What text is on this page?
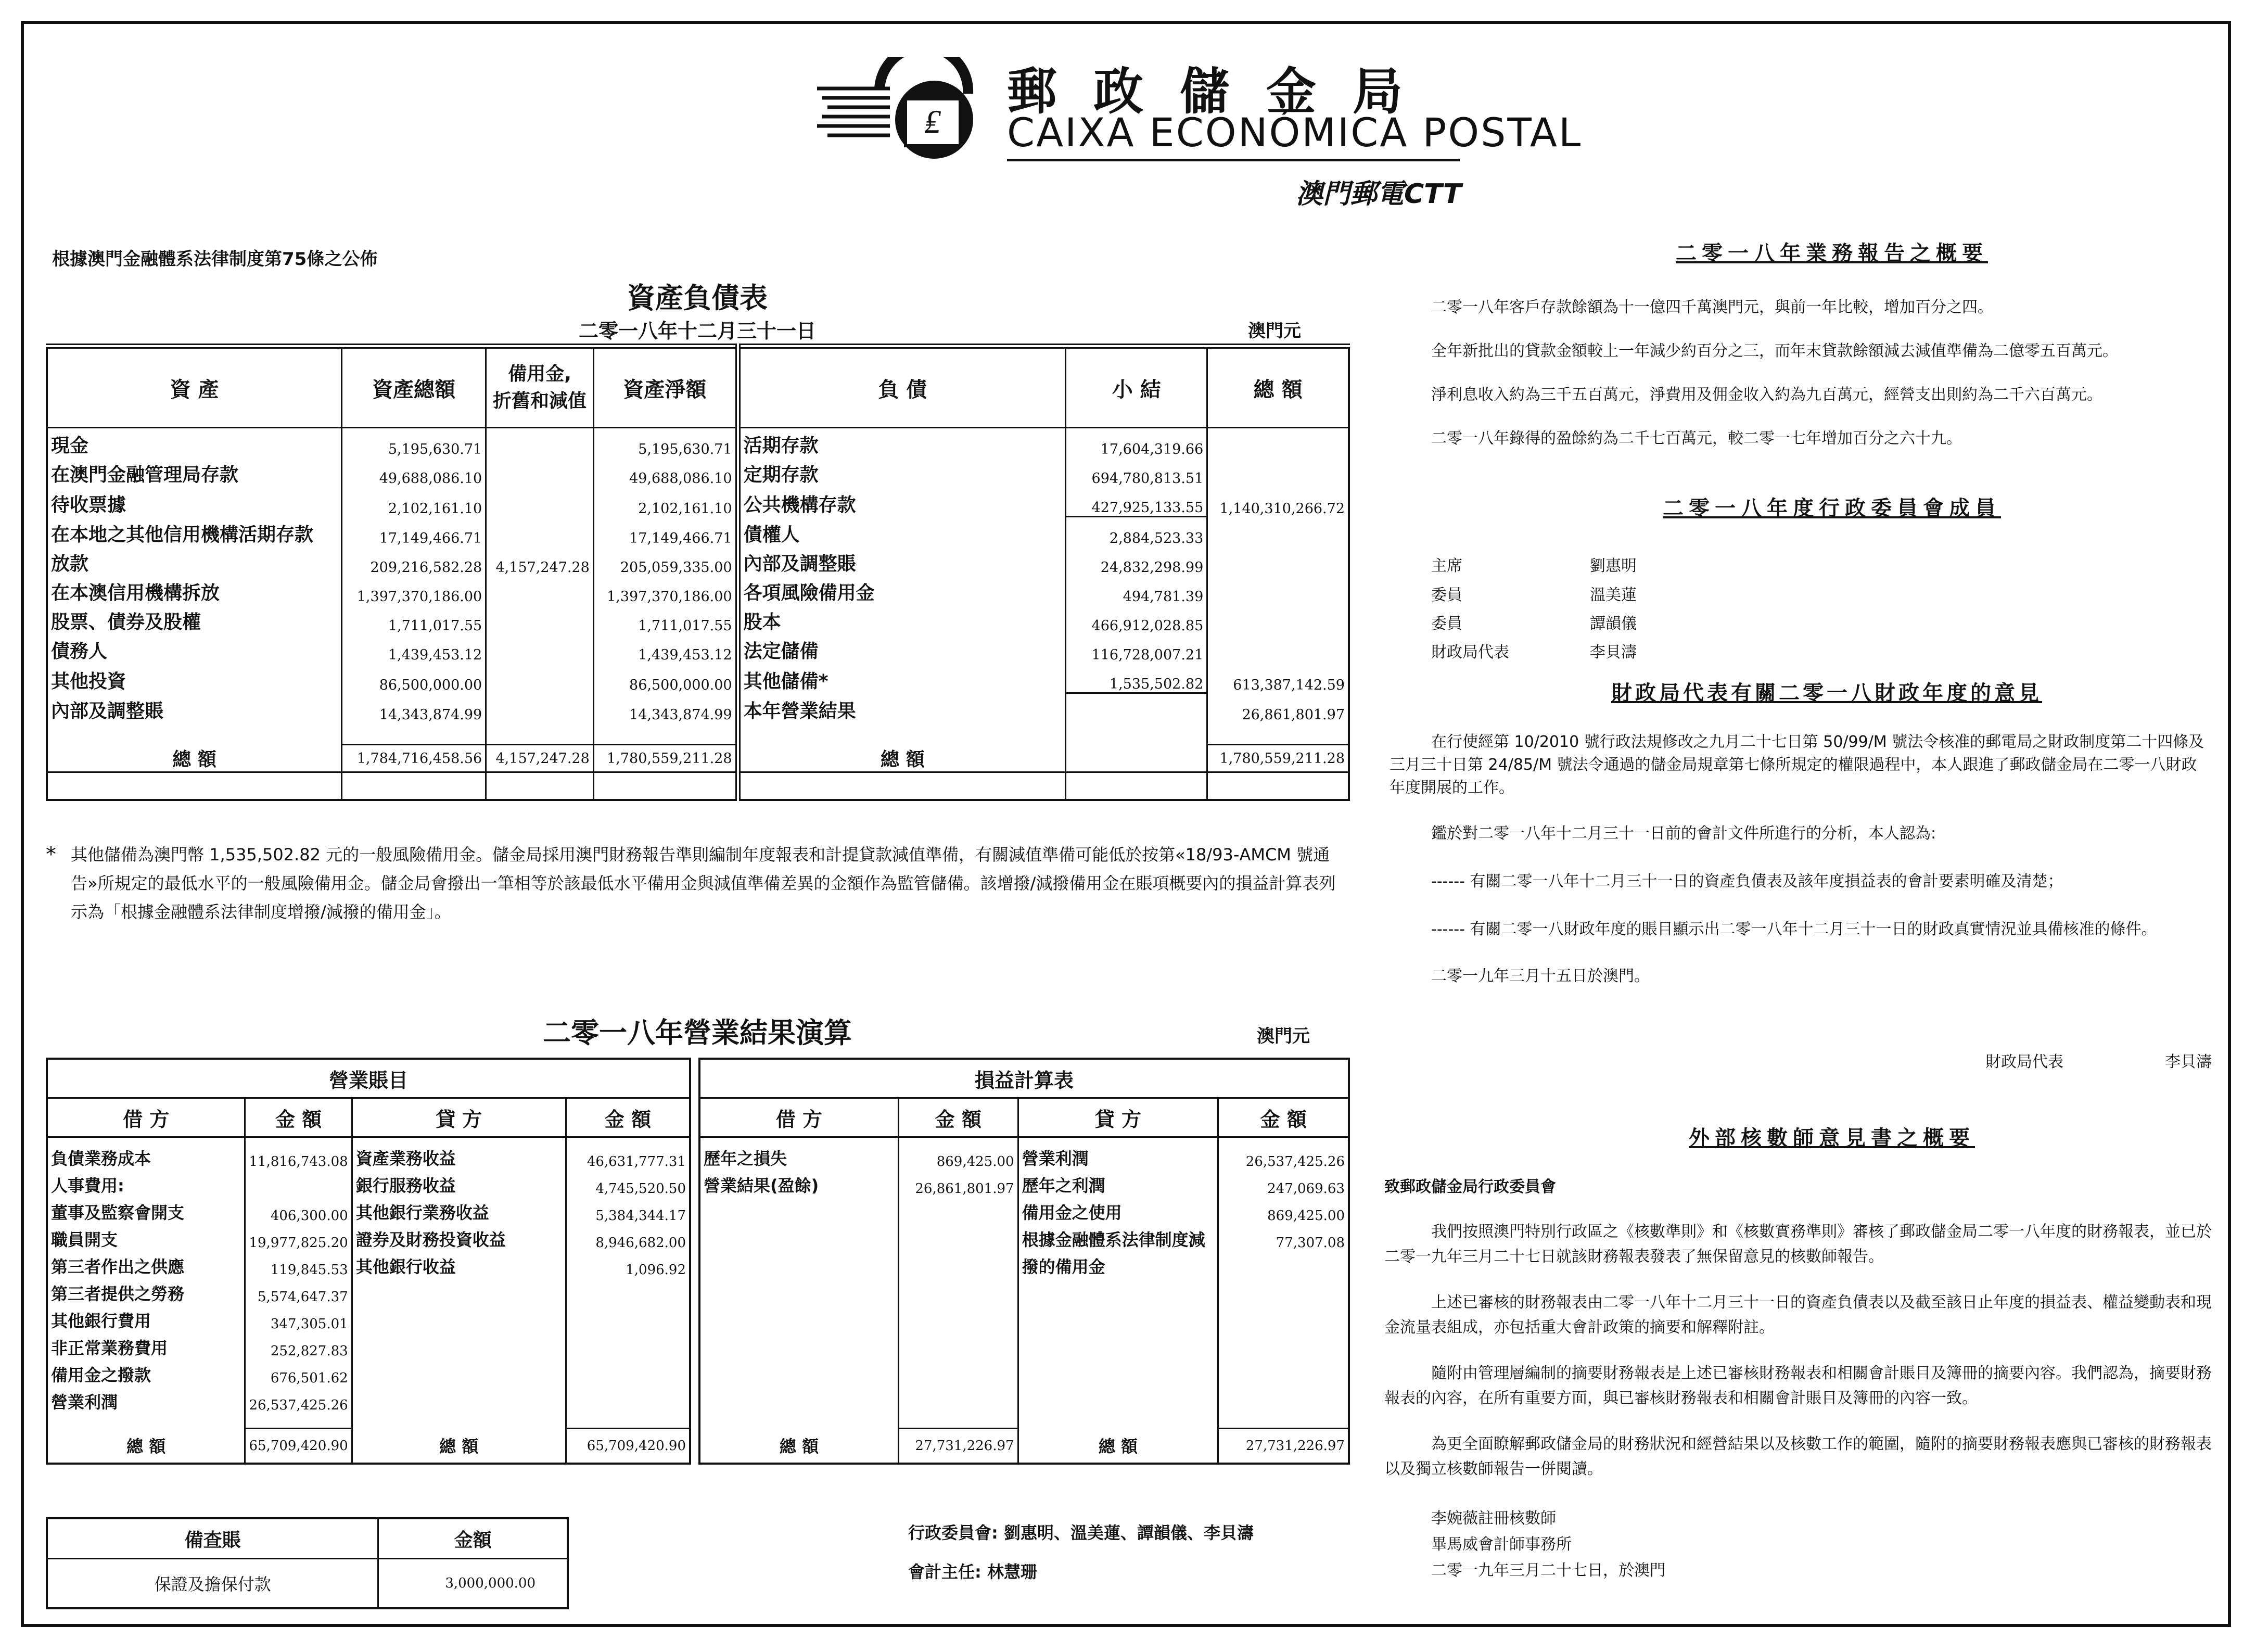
₤
郵政儲金局
CAIXA ECONÓMICA POSTAL
澳門郵電CTT
根據澳門金融體系法律制度第75條之公佈
資產負債表
二零一八年十二月三十一日	澳門元
資 產	資產總額	備用金,
折舊和減值	資產淨額	負 債	小 結	總 額
現金	5,195,630.71		5,195,630.71	活期存款	17,604,319.66	
在澳門金融管理局存款	49,688,086.10		49,688,086.10	定期存款	694,780,813.51	
待收票據	2,102,161.10		2,102,161.10	公共機構存款	427,925,133.55	1,140,310,266.72
在本地之其他信用機構活期存款	17,149,466.71		17,149,466.71	債權人	2,884,523.33	
放款	209,216,582.28	4,157,247.28	205,059,335.00	內部及調整賬	24,832,298.99	
在本澳信用機構拆放	1,397,370,186.00		1,397,370,186.00	各項風險備用金	494,781.39	
股票、債券及股權	1,711,017.55		1,711,017.55	股本	466,912,028.85	
債務人	1,439,453.12		1,439,453.12	法定儲備	116,728,007.21	
其他投資	86,500,000.00		86,500,000.00	其他儲備*	1,535,502.82	613,387,142.59
內部及調整賬	14,343,874.99		14,343,874.99	本年營業結果		26,861,801.97

總 額	1,784,716,458.56	4,157,247.28	1,780,559,211.28	總 額		1,780,559,211.28

* 其他儲備為澳門幣 1,535,502.82 元的一般風險備用金。儲金局採用澳門財務報告準則編制年度報表和計提貸款減值準備，有關減值準備可能低於按第«18/93-AMCM 號通告»所規定的最低水平的一般風險備用金。儲金局會撥出一筆相等於該最低水平備用金與減值準備差異的金額作為監管儲備。該增撥/減撥備用金在賬項概要內的損益計算表列示為「根據金融體系法律制度增撥/減撥的備用金」。

二零一八年營業結果演算	澳門元
營業賬目			
借 方	金 額	貸 方	金 額
負債業務成本	11,816,743.08	資產業務收益	46,631,777.31
人事費用:		銀行服務收益	4,745,520.50
董事及監察會開支	406,300.00	其他銀行業務收益	5,384,344.17
職員開支	19,977,825.20	證券及財務投資收益	8,946,682.00
第三者作出之供應	119,845.53	其他銀行收益	1,096.92
第三者提供之勞務	5,574,647.37		
其他銀行費用	347,305.01		
非正常業務費用	252,827.83		
備用金之撥款	676,501.62		
營業利潤	26,537,425.26		

總 額	65,709,420.90	總 額	65,709,420.90
損益計算表			
借 方	金 額	貸 方	金 額
歷年之損失	869,425.00	營業利潤	26,537,425.26
營業結果(盈餘)	26,861,801.97	歷年之利潤	247,069.63
		備用金之使用	869,425.00
		根據金融體系法律制度減	77,307.08
		撥的備用金	

總 額	27,731,226.97	總 額	27,731,226.97
備查賬	金額
保證及擔保付款	3,000,000.00
行政委員會: 劉惠明、溫美蓮、譚韻儀、李貝濤
會計主任: 林慧珊
二零一八年業務報告之概要

二零一八年客戶存款餘額為十一億四千萬澳門元，與前一年比較，增加百分之四。

全年新批出的貸款金額較上一年減少約百分之三，而年末貸款餘額減去減值準備為二億零五百萬元。

淨利息收入約為三千五百萬元，淨費用及佣金收入約為九百萬元，經營支出則約為二千六百萬元。

二零一八年錄得的盈餘約為二千七百萬元，較二零一七年增加百分之六十九。

二零一八年度行政委員會成員
主席	劉惠明
委員	溫美蓮
委員	譚韻儀
財政局代表	李貝濤
財政局代表有關二零一八財政年度的意見

在行使經第 10/2010 號行政法規修改之九月二十七日第 50/99/M 號法令核准的郵電局之財政制度第二十四條及三月三十日第 24/85/M 號法令通過的儲金局規章第七條所規定的權限過程中，本人跟進了郵政儲金局在二零一八財政年度開展的工作。

鑑於對二零一八年十二月三十一日前的會計文件所進行的分析，本人認為:

------ 有關二零一八年十二月三十一日的資產負債表及該年度損益表的會計要素明確及清楚；

------ 有關二零一八財政年度的賬目顯示出二零一八年十二月三十一日的財政真實情況並具備核准的條件。

二零一九年三月十五日於澳門。

財政局代表	李貝濤
外部核數師意見書之概要

致郵政儲金局行政委員會

我們按照澳門特別行政區之《核數準則》和《核數實務準則》審核了郵政儲金局二零一八年度的財務報表，並已於二零一九年三月二十七日就該財務報表發表了無保留意見的核數師報告。

上述已審核的財務報表由二零一八年十二月三十一日的資產負債表以及截至該日止年度的損益表、權益變動表和現金流量表組成，亦包括重大會計政策的摘要和解釋附註。

隨附由管理層編制的摘要財務報表是上述已審核財務報表和相關會計賬目及簿冊的摘要內容。我們認為，摘要財務報表的內容，在所有重要方面，與已審核財務報表和相關會計賬目及簿冊的內容一致。

為更全面瞭解郵政儲金局的財務狀況和經營結果以及核數工作的範圍，隨附的摘要財務報表應與已審核的財務報表以及獨立核數師報告一併閱讀。

李婉薇註冊核數師

畢馬威會計師事務所

二零一九年三月二十七日，於澳門
